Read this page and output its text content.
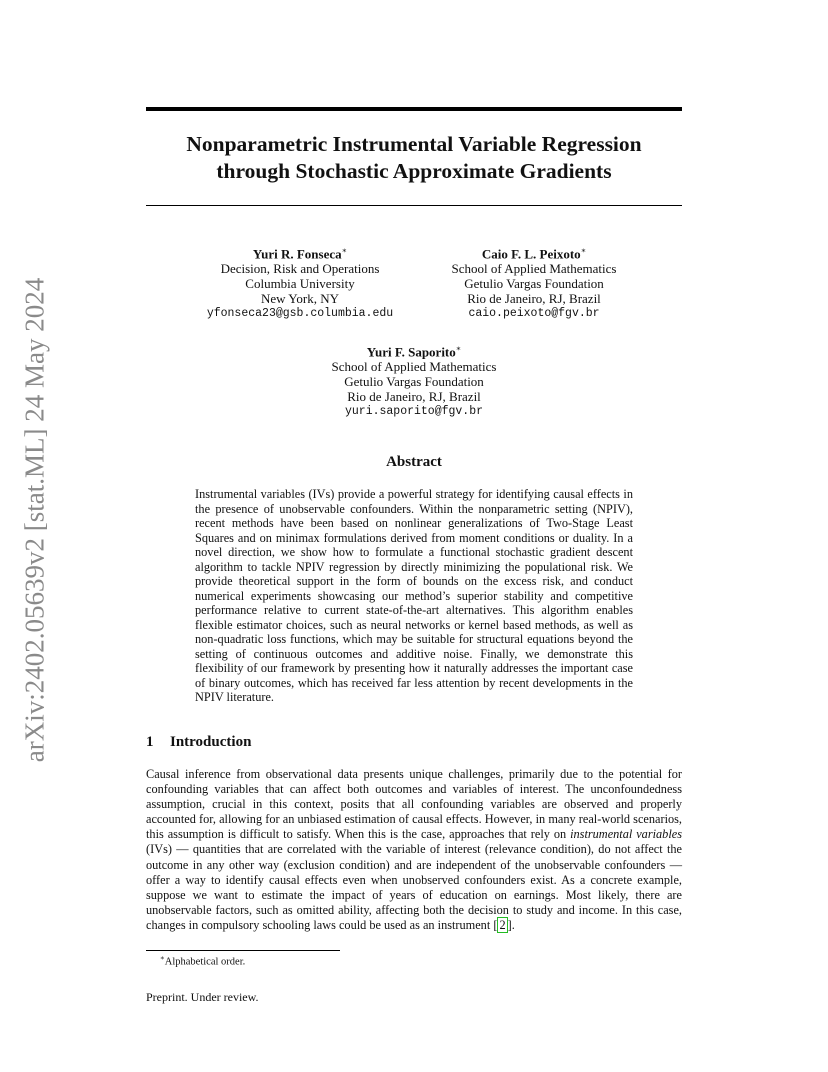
arXiv:2402.05639v2 [stat.ML] 24 May 2024
Nonparametric Instrumental Variable Regression
through Stochastic Approximate Gradients
Yuri R. Fonseca∗
Decision, Risk and Operations
Columbia University
New York, NY
yfonseca23@gsb.columbia.edu
Caio F. L. Peixoto∗
School of Applied Mathematics
Getulio Vargas Foundation
Rio de Janeiro, RJ, Brazil
caio.peixoto@fgv.br
Yuri F. Saporito∗
School of Applied Mathematics
Getulio Vargas Foundation
Rio de Janeiro, RJ, Brazil
yuri.saporito@fgv.br
Abstract

Instrumental variables (IVs) provide a powerful strategy for identifying causal effects in the presence of unobservable confounders. Within the nonparametric setting (NPIV), recent methods have been based on nonlinear generalizations of Two-Stage Least Squares and on minimax formulations derived from moment conditions or duality. In a novel direction, we show how to formulate a functional stochastic gradient descent algorithm to tackle NPIV regression by directly minimizing the populational risk. We provide theoretical support in the form of bounds on the excess risk, and conduct numerical experiments showcasing our method’s superior stability and competitive performance relative to current state-of-the-art alternatives. This algorithm enables flexible estimator choices, such as neural networks or kernel based methods, as well as non-quadratic loss functions, which may be suitable for structural equations beyond the setting of continuous outcomes and additive noise. Finally, we demonstrate this flexibility of our framework by presenting how it naturally addresses the important case of binary outcomes, which has received far less attention by recent developments in the NPIV literature.

1 Introduction

Causal inference from observational data presents unique challenges, primarily due to the potential for confounding variables that can affect both outcomes and variables of interest. The unconfoundedness assumption, crucial in this context, posits that all confounding variables are observed and properly accounted for, allowing for an unbiased estimation of causal effects. However, in many real-world scenarios, this assumption is difficult to satisfy. When this is the case, approaches that rely on instrumental variables (IVs) — quantities that are correlated with the variable of interest (relevance condition), do not affect the outcome in any other way (exclusion condition) and are independent of the unobservable confounders — offer a way to identify causal effects even when unobserved confounders exist. As a concrete example, suppose we want to estimate the impact of years of education on earnings. Most likely, there are unobservable factors, such as omitted ability, affecting both the decision to study and income. In this case, changes in compulsory schooling laws could be used as an instrument [ 2 ].

∗Alphabetical order.
Preprint. Under review.
